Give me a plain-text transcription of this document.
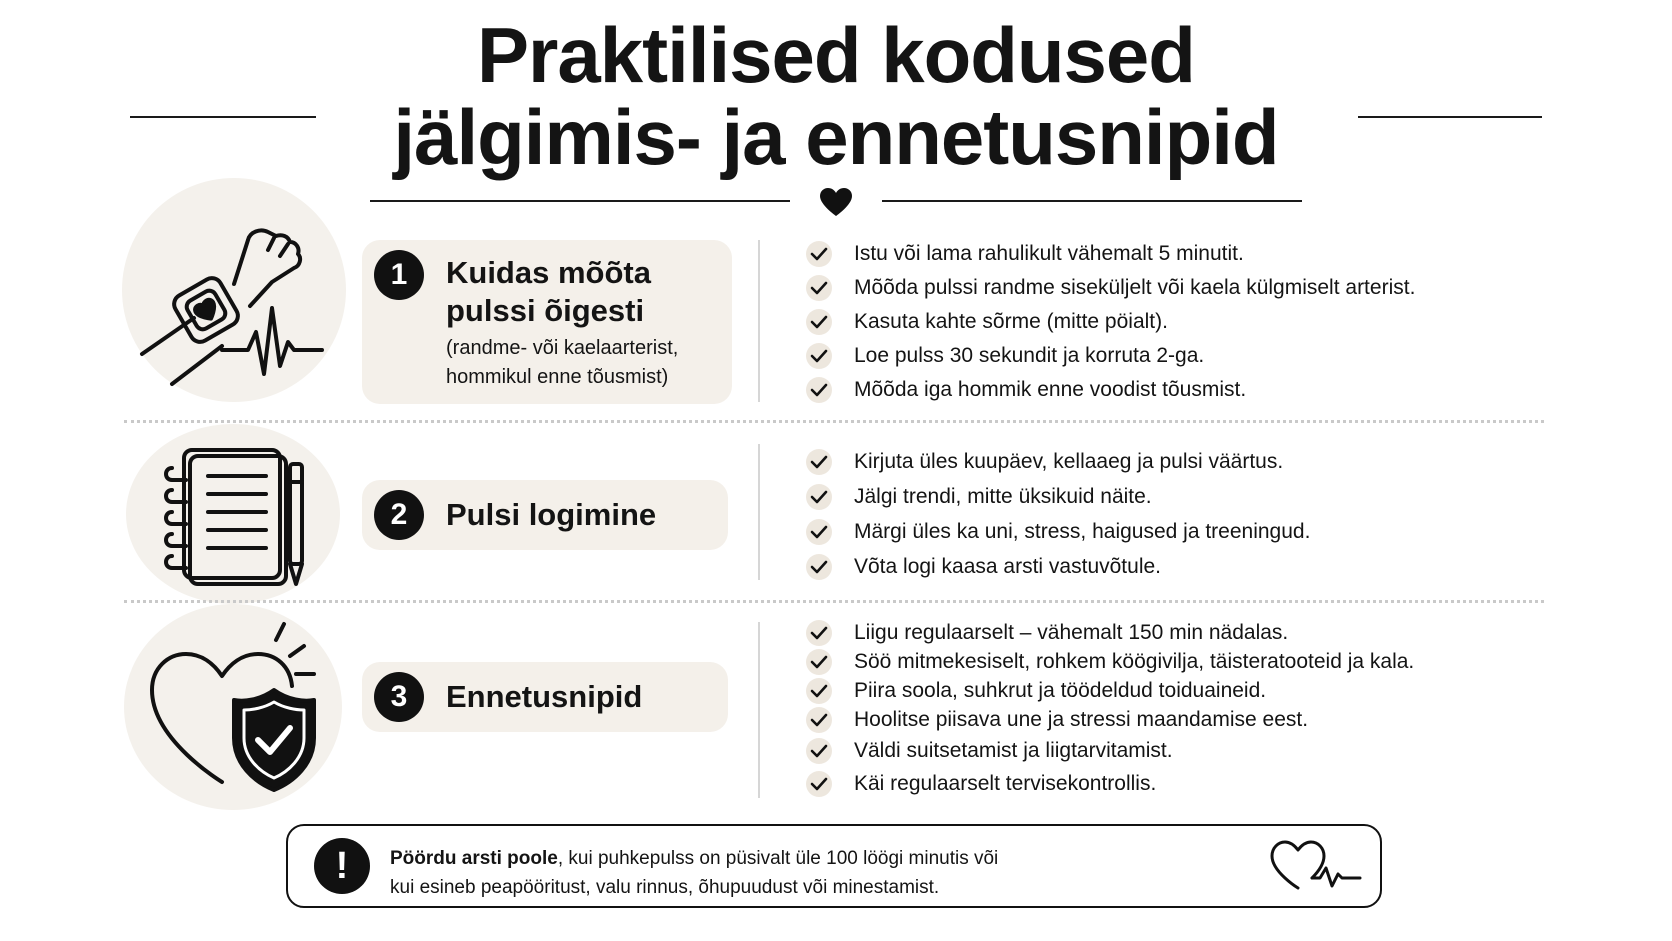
Praktilised kodused
jälgimis- ja ennetusnipid
1	Kuidas mõõta
pulssi õigesti
(randme- või kaelaarterist,
hommikul enne tõusmist)
Istu või lama rahulikult vähemalt 5 minutit.
Mõõda pulssi randme siseküljelt või kaela külgmiselt arterist.
Kasuta kahte sõrme (mitte pöialt).
Loe pulss 30 sekundit ja korruta 2-ga.
Mõõda iga hommik enne voodist tõusmist.
2	Pulsi logimine
Kirjuta üles kuupäev, kellaaeg ja pulsi väärtus.
Jälgi trendi, mitte üksikuid näite.
Märgi üles ka uni, stress, haigused ja treeningud.
Võta logi kaasa arsti vastuvõtule.
3	Ennetusnipid
Liigu regulaarselt – vähemalt 150 min nädalas.
Söö mitmekesiselt, rohkem köögivilja, täisteratooteid ja kala.
Piira soola, suhkrut ja töödeldud toiduaineid.
Hoolitse piisava une ja stressi maandamise eest.
Väldi suitsetamist ja liigtarvitamist.
Käi regulaarselt tervisekontrollis.
!	Pöördu arsti poole, kui puhkepulss on püsivalt üle 100 löögi minutis või
kui esineb peapööritust, valu rinnus, õhupuudust või minestamist.
